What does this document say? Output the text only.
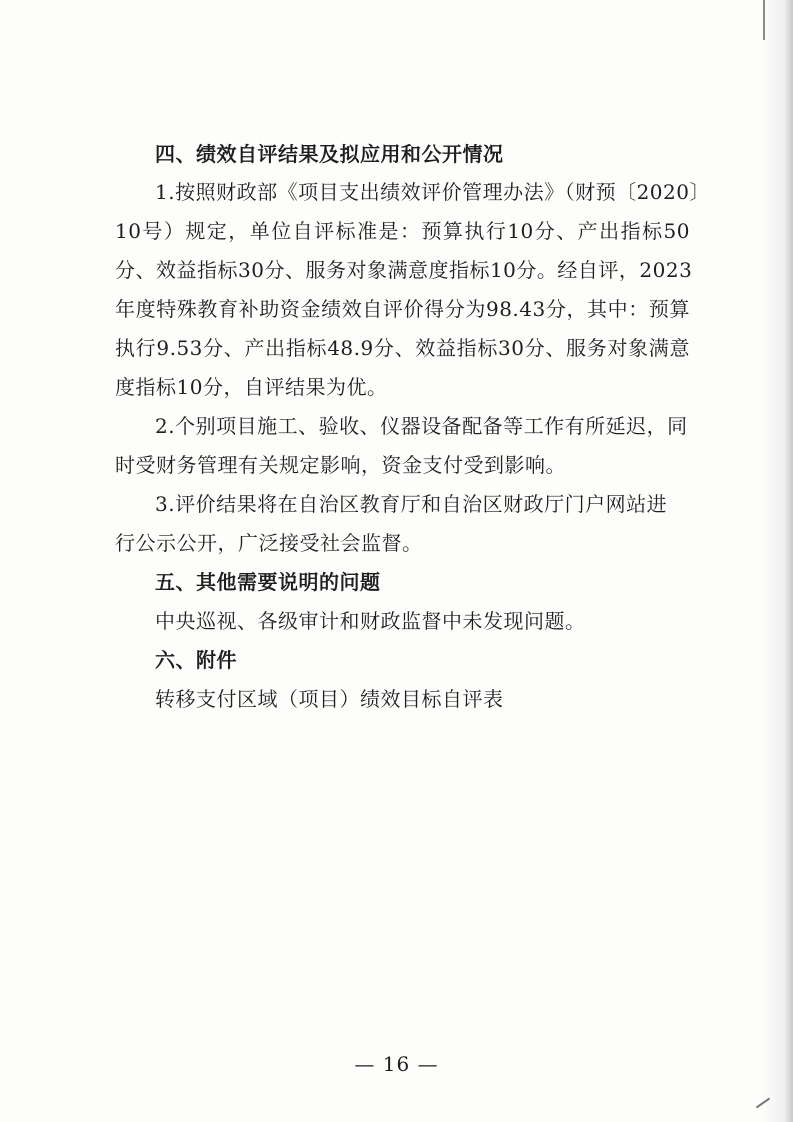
四、绩效自评结果及拟应用和公开情况
1.按照财政部《项目支出绩效评价管理办法》（财预〔2020〕
10号）规定，单位自评标准是：预算执行10分、产出指标50
分、效益指标30分、服务对象满意度指标10分。经自评，2023
年度特殊教育补助资金绩效自评价得分为98.43分，其中：预算
执行9.53分、产出指标48.9分、效益指标30分、服务对象满意
度指标10分，自评结果为优。
2.个别项目施工、验收、仪器设备配备等工作有所延迟，同
时受财务管理有关规定影响，资金支付受到影响。
3.评价结果将在自治区教育厅和自治区财政厅门户网站进
行公示公开，广泛接受社会监督。
五、其他需要说明的问题
中央巡视、各级审计和财政监督中未发现问题。
六、附件
转移支付区域（项目）绩效目标自评表
— 16 —
